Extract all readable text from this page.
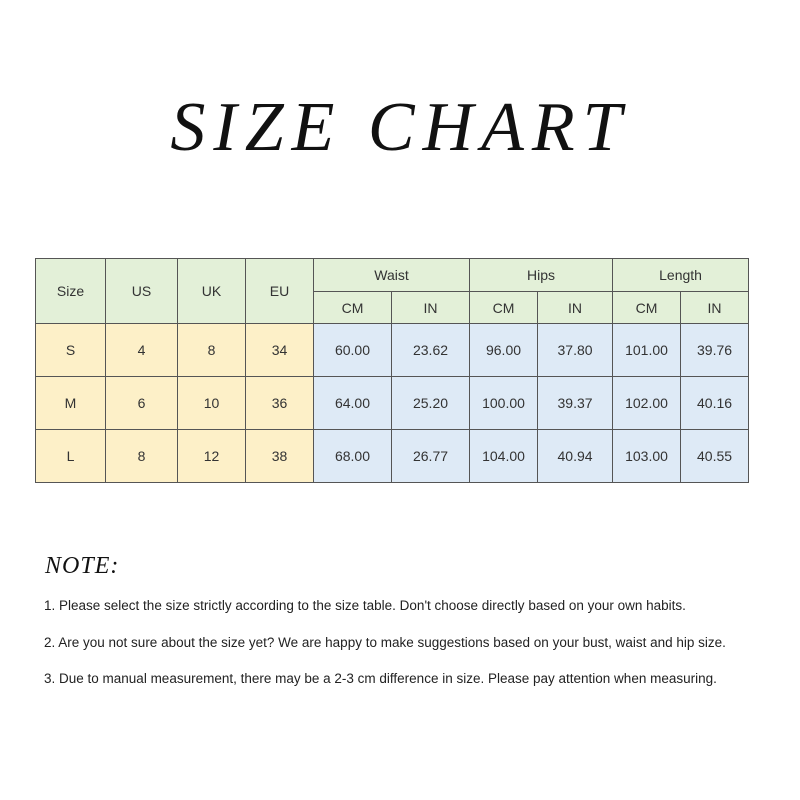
SIZE CHART
Size	US	UK	EU	Waist		Hips		Length	
				CM	IN	CM	IN	CM	IN
S	4	8	34	60.00	23.62	96.00	37.80	101.00	39.76
M	6	10	36	64.00	25.20	100.00	39.37	102.00	40.16
L	8	12	38	68.00	26.77	104.00	40.94	103.00	40.55
NOTE:
1. Please select the size strictly according to the size table. Don't choose directly based on your own habits.
2. Are you not sure about the size yet? We are happy to make suggestions based on your bust, waist and hip size.
3. Due to manual measurement, there may be a 2-3 cm difference in size. Please pay attention when measuring.
